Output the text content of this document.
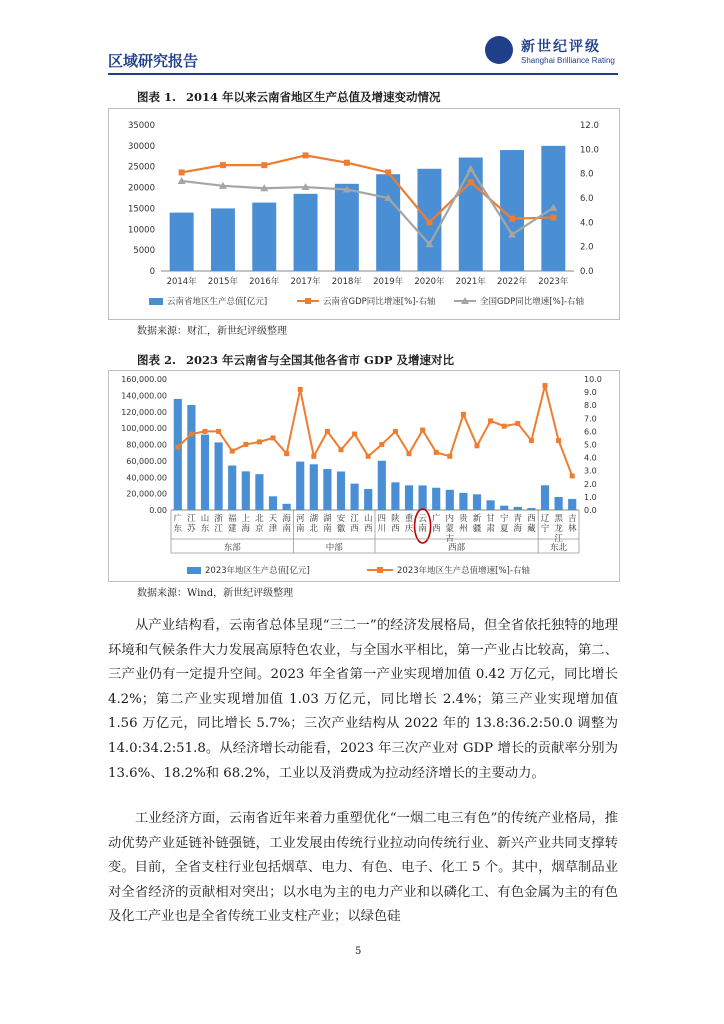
区域研究报告
新世纪评级
Shanghai Brilliance Rating
图表 1. 2014 年以来云南省地区生产总值及增速变动情况
0
5000
10000
15000
20000
25000
30000
35000
0.0
2.0
4.0
6.0
8.0
10.0
12.0
2014年 2015年 2016年 2017年 2018年 2019年 2020年 2021年 2022年 2023年
云南省地区生产总值[亿元]	云南省GDP同比增速[%]-右轴	全国GDP同比增速[%]-右轴
数据来源：财汇，新世纪评级整理
图表 2. 2023 年云南省与全国其他各省市 GDP 及增速对比
0.00
20,000.00
40,000.00
60,000.00
80,000.00
100,000.00
120,000.00
140,000.00
160,000.00
0.0
1.0
2.0
3.0
4.0
5.0
6.0
7.0
8.0
9.0
10.0
广东
江苏
山东
浙江
福建
上海
北京
天津
海南
河南
湖北
湖南
安徽
江西
山西
四川
陕西
重庆
云南
广西
内蒙古
贵州
新疆
甘肃
宁夏
青海
西藏
辽宁
黑龙江
吉林
东部	中部	西部	东北
2023年地区生产总值[亿元]	2023年地区生产总值增速[%]-右轴
数据来源：Wind，新世纪评级整理

从产业结构看，云南省总体呈现“三二一”的经济发展格局，但全省依托独特的地理环境和气候条件大力发展高原特色农业，与全国水平相比，第一产业占比较高，第二、三产业仍有一定提升空间。2023 年全省第一产业实现增加值 0.42 万亿元，同比增长 4.2%；第二产业实现增加值 1.03 万亿元，同比增长 2.4%；第三产业实现增加值 1.56 万亿元，同比增长 5.7%；三次产业结构从 2022 年的 13.8:36.2:50.0 调整为 14.0:34.2:51.8。从经济增长动能看，2023 年三次产业对 GDP 增长的贡献率分别为 13.6%、18.2%和 68.2%，工业以及消费成为拉动经济增长的主要动力。

工业经济方面，云南省近年来着力重塑优化“一烟二电三有色”的传统产业格局，推动优势产业延链补链强链，工业发展由传统行业拉动向传统行业、新兴产业共同支撑转变。目前，全省支柱行业包括烟草、电力、有色、电子、化工 5 个。其中，烟草制品业对全省经济的贡献相对突出；以水电为主的电力产业和以磷化工、有色金属为主的有色及化工产业也是全省传统工业支柱产业；以绿色硅

5
